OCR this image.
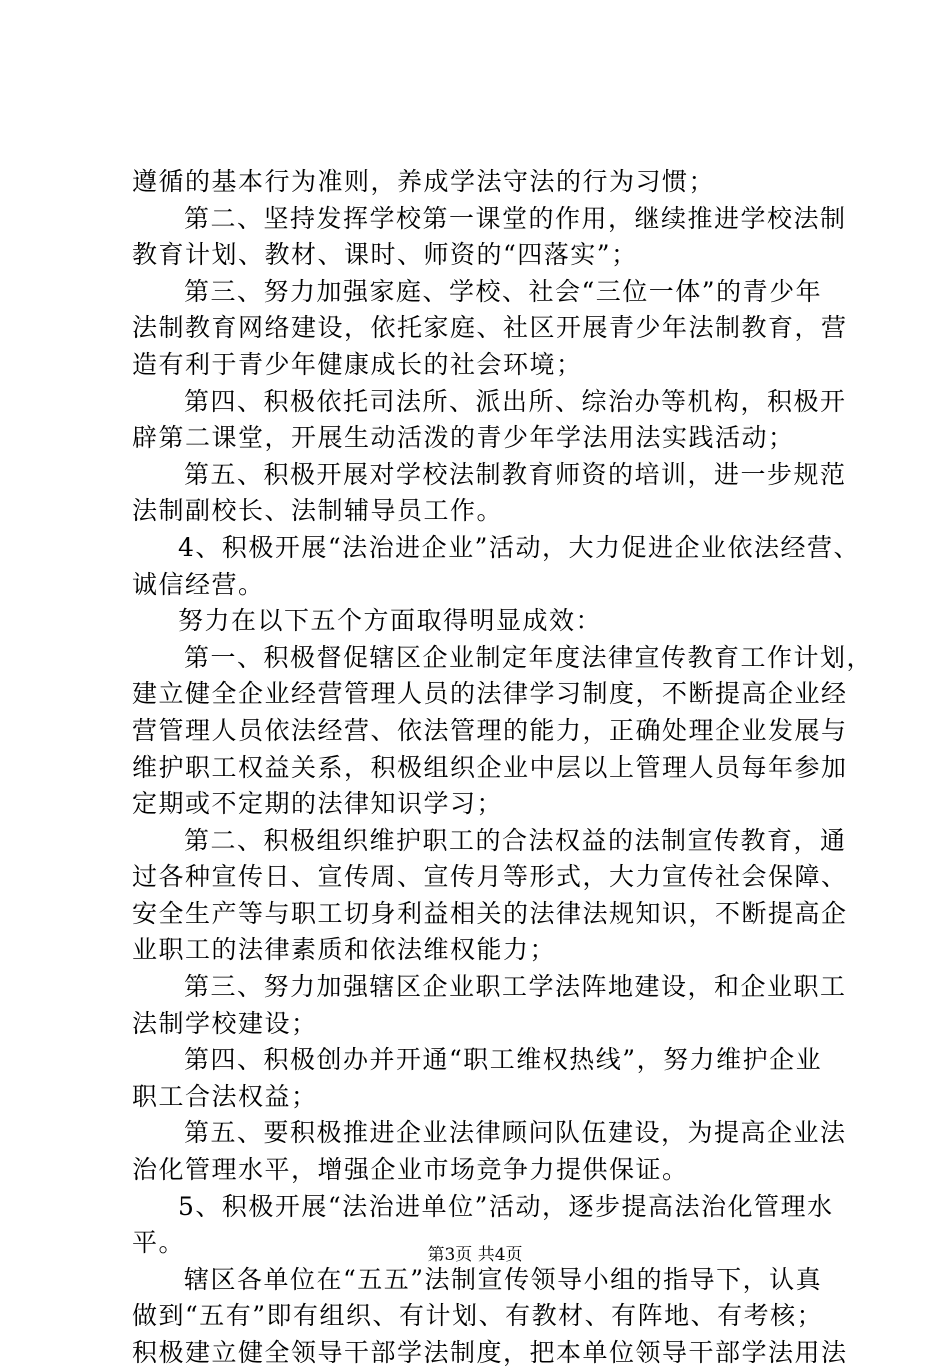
遵循的基本行为准则，养成学法守法的行为习惯；
第二、坚持发挥学校第一课堂的作用，继续推进学校法制
教育计划、教材、课时、师资的“四落实”；
第三、努力加强家庭、学校、社会“三位一体”的青少年
法制教育网络建设，依托家庭、社区开展青少年法制教育，营
造有利于青少年健康成长的社会环境；
第四、积极依托司法所、派出所、综治办等机构，积极开
辟第二课堂，开展生动活泼的青少年学法用法实践活动；
第五、积极开展对学校法制教育师资的培训，进一步规范
法制副校长、法制辅导员工作。
4、积极开展“法治进企业”活动，大力促进企业依法经营、
诚信经营。
努力在以下五个方面取得明显成效：
第一、积极督促辖区企业制定年度法律宣传教育工作计划，
建立健全企业经营管理人员的法律学习制度，不断提高企业经
营管理人员依法经营、依法管理的能力，正确处理企业发展与
维护职工权益关系，积极组织企业中层以上管理人员每年参加
定期或不定期的法律知识学习；
第二、积极组织维护职工的合法权益的法制宣传教育，通
过各种宣传日、宣传周、宣传月等形式，大力宣传社会保障、
安全生产等与职工切身利益相关的法律法规知识，不断提高企
业职工的法律素质和依法维权能力；
第三、努力加强辖区企业职工学法阵地建设，和企业职工
法制学校建设；
第四、积极创办并开通“职工维权热线”，努力维护企业
职工合法权益；
第五、要积极推进企业法律顾问队伍建设，为提高企业法
治化管理水平，增强企业市场竞争力提供保证。
5、积极开展“法治进单位”活动，逐步提高法治化管理水
平。
辖区各单位在“五五”法制宣传领导小组的指导下，认真
做到“五有”即有组织、有计划、有教材、有阵地、有考核；
积极建立健全领导干部学法制度，把本单位领导干部学法用法
第3页 共4页
